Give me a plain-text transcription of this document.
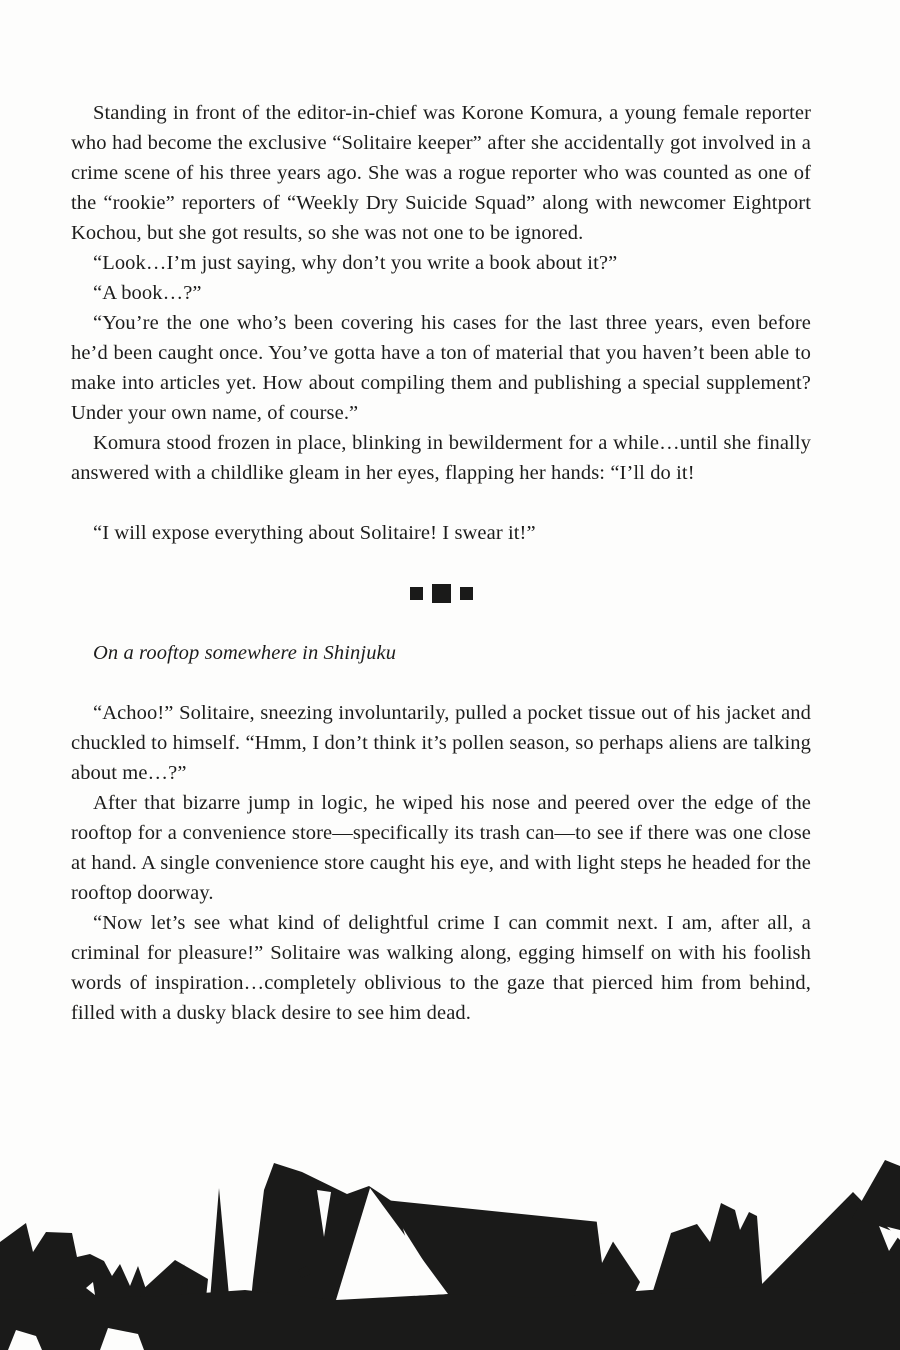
Standing in front of the editor-in-chief was Korone Komura, a young female reporter who had become the exclusive “Solitaire keeper” after she accidentally got involved in a crime scene of his three years ago. She was a rogue reporter who was counted as one of the “rookie” reporters of “Weekly Dry Suicide Squad” along with newcomer Eightport Kochou, but she got results, so she was not one to be ignored.

“Look…I’m just saying, why don’t you write a book about it?”

“A book…?”

“You’re the one who’s been covering his cases for the last three years, even before he’d been caught once. You’ve gotta have a ton of material that you haven’t been able to make into articles yet. How about compiling them and publishing a special supplement? Under your own name, of course.”

Komura stood frozen in place, blinking in bewilderment for a while…until she finally answered with a childlike gleam in her eyes, flapping her hands: “I’ll do it!

“I will expose everything about Solitaire! I swear it!”

On a rooftop somewhere in Shinjuku

“Achoo!” Solitaire, sneezing involuntarily, pulled a pocket tissue out of his jacket and chuckled to himself. “Hmm, I don’t think it’s pollen season, so perhaps aliens are talking about me…?”

After that bizarre jump in logic, he wiped his nose and peered over the edge of the rooftop for a convenience store—specifically its trash can—to see if there was one close at hand. A single convenience store caught his eye, and with light steps he headed for the rooftop doorway.

“Now let’s see what kind of delightful crime I can commit next. I am, after all, a criminal for pleasure!” Solitaire was walking along, egging himself on with his foolish words of inspiration…completely oblivious to the gaze that pierced him from behind, filled with a dusky black desire to see him dead.
